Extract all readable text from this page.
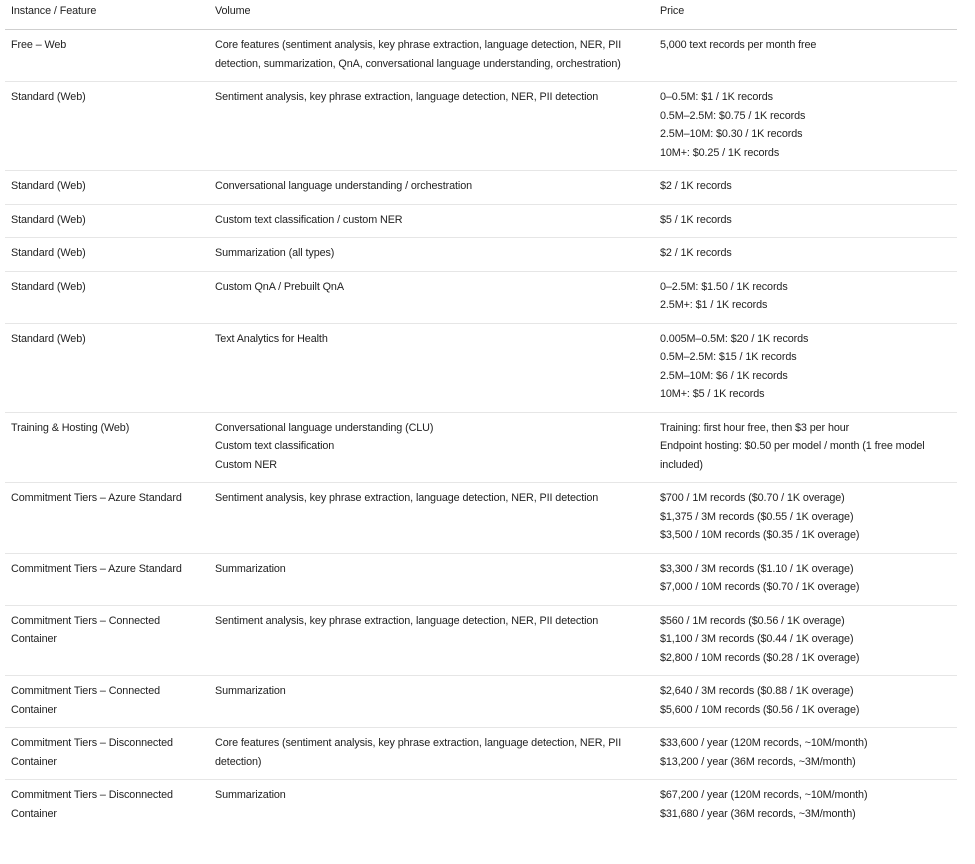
Instance / Feature	Volume	Price

Free – Web	Core features (sentiment analysis, key phrase extraction, language detection, NER, PII
detection, summarization, QnA, conversational language understanding, orchestration)	5,000 text records per month free

Standard (Web)	Sentiment analysis, key phrase extraction, language detection, NER, PII detection	0–0.5M: $1 / 1K records
0.5M–2.5M: $0.75 / 1K records
2.5M–10M: $0.30 / 1K records
10M+: $0.25 / 1K records

Standard (Web)	Conversational language understanding / orchestration	$2 / 1K records

Standard (Web)	Custom text classification / custom NER	$5 / 1K records

Standard (Web)	Summarization (all types)	$2 / 1K records

Standard (Web)	Custom QnA / Prebuilt QnA	0–2.5M: $1.50 / 1K records
2.5M+: $1 / 1K records

Standard (Web)	Text Analytics for Health	0.005M–0.5M: $20 / 1K records
0.5M–2.5M: $15 / 1K records
2.5M–10M: $6 / 1K records
10M+: $5 / 1K records

Training & Hosting (Web)	Conversational language understanding (CLU)
Custom text classification
Custom NER	Training: first hour free, then $3 per hour
Endpoint hosting: $0.50 per model / month (1 free model
included)

Commitment Tiers – Azure Standard	Sentiment analysis, key phrase extraction, language detection, NER, PII detection	$700 / 1M records ($0.70 / 1K overage)
$1,375 / 3M records ($0.55 / 1K overage)
$3,500 / 10M records ($0.35 / 1K overage)

Commitment Tiers – Azure Standard	Summarization	$3,300 / 3M records ($1.10 / 1K overage)
$7,000 / 10M records ($0.70 / 1K overage)

Commitment Tiers – Connected
Container	Sentiment analysis, key phrase extraction, language detection, NER, PII detection	$560 / 1M records ($0.56 / 1K overage)
$1,100 / 3M records ($0.44 / 1K overage)
$2,800 / 10M records ($0.28 / 1K overage)

Commitment Tiers – Connected
Container	Summarization	$2,640 / 3M records ($0.88 / 1K overage)
$5,600 / 10M records ($0.56 / 1K overage)

Commitment Tiers – Disconnected
Container	Core features (sentiment analysis, key phrase extraction, language detection, NER, PII
detection)	$33,600 / year (120M records, ~10M/month)
$13,200 / year (36M records, ~3M/month)

Commitment Tiers – Disconnected
Container	Summarization	$67,200 / year (120M records, ~10M/month)
$31,680 / year (36M records, ~3M/month)
